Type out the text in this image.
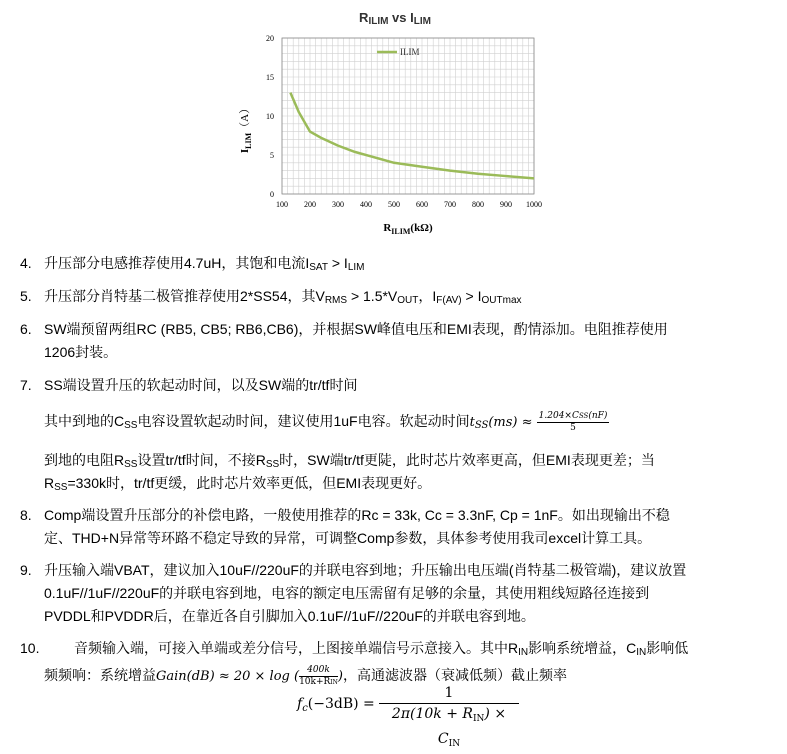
$R_{ILIM}$ vs $I_{LIM}$
100 200 300 400 500 600 700 800 900 1000
0
5
10
15
20
ILIM
$I_{LIM}(A)$
$R_{ILIM}(k\Omega)$
4. 升压部分电感推荐使用4.7uH，其饱和电流$I_{SAT} > I_{LIM}$
5. 升压部分肖特基二极管推荐使用2*SS54，其$V_{RMS} > 1.5*V_{OUT}$，$I_{F(AV)} > I_{OUTmax}$
6. SW端预留两组RC (RB5, CB5; RB6,CB6)，并根据SW峰值电压和EMI表现，酌情添加。电阻推荐使用
1206封装。
7. SS端设置升压的软起动时间，以及SW端的tr/tf时间
其中到地的$C_{SS}$电容设置软起动时间，建议使用1uF电容。软起动时间$t_{SS}(ms) \approx \frac{\text{1.204×CSS(nF)}}{5}$
到地的电阻$R_{SS}$设置tr/tf时间，不接$R_{SS}$时，SW端tr/tf更陡，此时芯片效率更高，但EMI表现更差；当
$R_{SS}=330k$时，tr/tf更缓，此时芯片效率更低，但EMI表现更好。
8. Comp端设置升压部分的补偿电路，一般使用推荐的Rc = 33k, Cc = 3.3nF, Cp = 1nF。如出现输出不稳
定、THD+N异常等环路不稳定导致的异常，可调整Comp参数，具体参考使用我司excel计算工具。
9. 升压输入端VBAT，建议加入10uF//220uF的并联电容到地；升压输出电压端(肖特基二极管端)，建议放置
0.1uF//1uF//220uF的并联电容到地，电容的额定电压需留有足够的余量，其使用粗线短路径连接到
PVDDL和PVDDR后，在靠近各自引脚加入0.1uF//1uF//220uF的并联电容到地。
10.	音频输入端，可接入单端或差分信号，上图接单端信号示意接入。其中$R_{IN}$影响系统增益，$C_{IN}$影响低
频频响：系统增益Gain(dB) ≈ 20 × log ( $\frac{400k}{\text{10k+RIN}}$ )，高通滤波器（衰减低频）截止频率
$f_c(-3dB)$ =
1
$2\pi(10k + R_{IN}) \times C_{IN}$
